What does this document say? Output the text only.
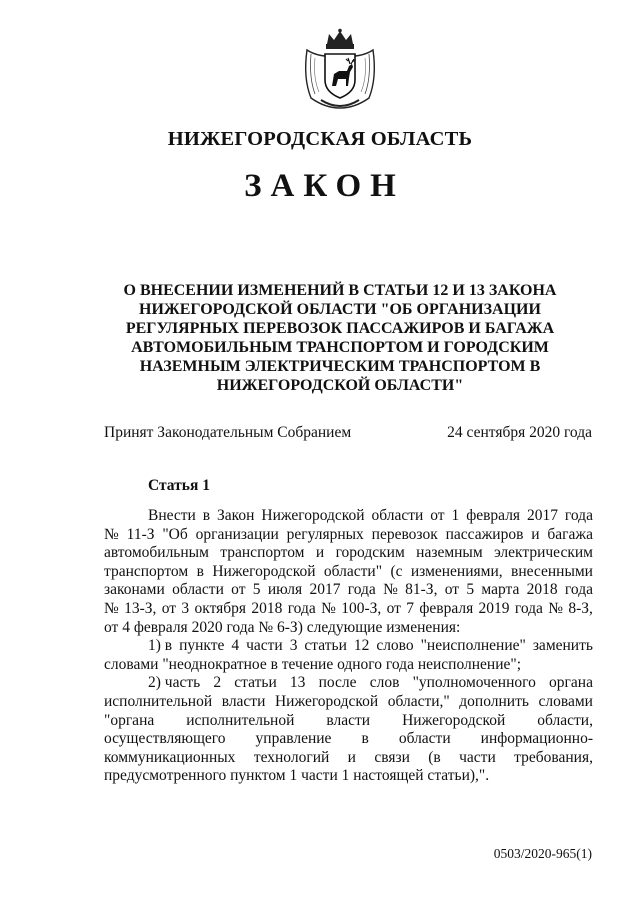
НИЖЕГОРОДСКАЯ ОБЛАСТЬ
ЗАКОН
О ВНЕСЕНИИ ИЗМЕНЕНИЙ В СТАТЬИ 12 И 13 ЗАКОНА
НИЖЕГОРОДСКОЙ ОБЛАСТИ "ОБ ОРГАНИЗАЦИИ
РЕГУЛЯРНЫХ ПЕРЕВОЗОК ПАССАЖИРОВ И БАГАЖА
АВТОМОБИЛЬНЫМ ТРАНСПОРТОМ И ГОРОДСКИМ
НАЗЕМНЫМ ЭЛЕКТРИЧЕСКИМ ТРАНСПОРТОМ В
НИЖЕГОРОДСКОЙ ОБЛАСТИ"
Принят Законодательным Собранием	24 сентября 2020 года
Статья 1
Внести в Закон Нижегородской области от 1 февраля 2017 года
№ 11-З "Об организации регулярных перевозок пассажиров и багажа
автомобильным транспортом и городским наземным электрическим
транспортом в Нижегородской области" (с изменениями, внесенными
законами области от 5 июля 2017 года № 81-З, от 5 марта 2018 года
№ 13-З, от 3 октября 2018 года № 100-З, от 7 февраля 2019 года № 8-З,
от 4 февраля 2020 года № 6-З) следующие изменения:
1) в пункте 4 части 3 статьи 12 слово "неисполнение" заменить
словами "неоднократное в течение одного года неисполнение";
2) часть 2 статьи 13 после слов "уполномоченного органа
исполнительной власти Нижегородской области," дополнить словами
"органа исполнительной власти Нижегородской области,
осуществляющего управление в области информационно-
коммуникационных технологий и связи (в части требования,
предусмотренного пунктом 1 части 1 настоящей статьи),".
0503/2020-965(1)
